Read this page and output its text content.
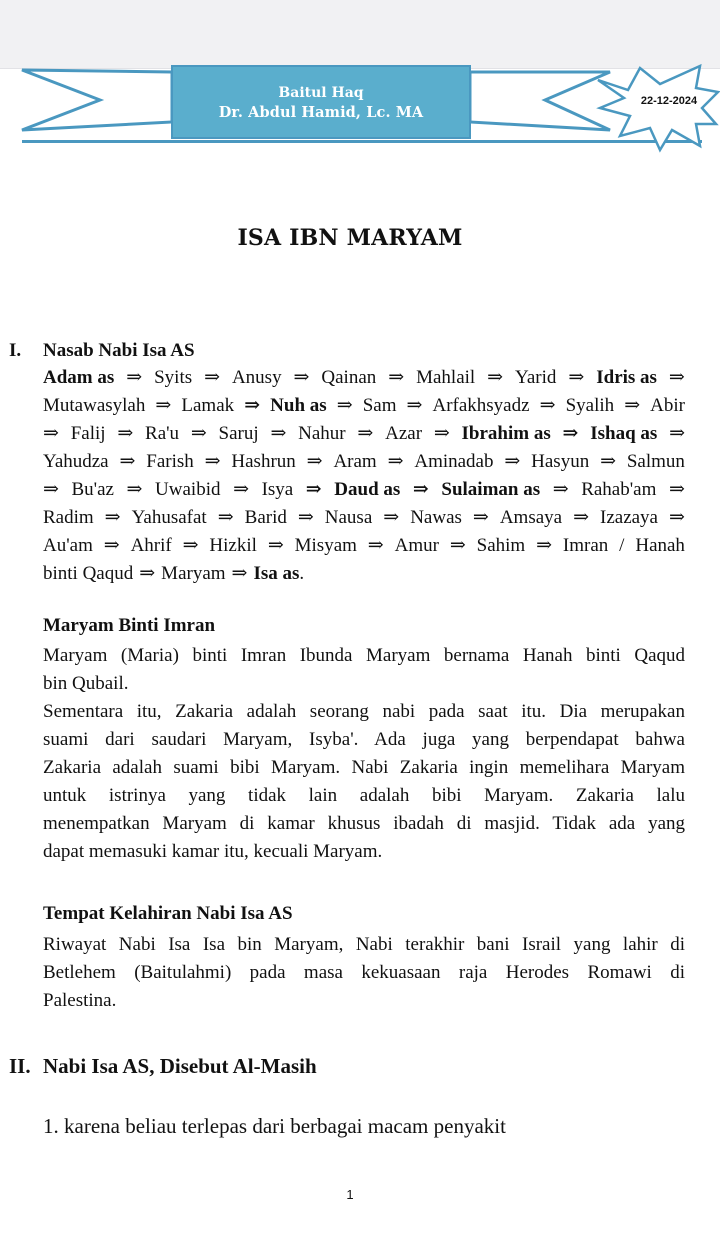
Baitul Haq
Dr. Abdul Hamid, Lc. MA
22-12-2024
ISA IBN MARYAM
I. Nasab Nabi Isa AS
Adam as ⇒ Syits ⇒ Anusy ⇒ Qainan ⇒ Mahlail ⇒ Yarid ⇒ Idris as ⇒
Mutawasylah ⇒ Lamak ⇒ Nuh as ⇒ Sam ⇒ Arfakhsyadz ⇒ Syalih ⇒ Abir
⇒ Falij ⇒ Ra'u ⇒ Saruj ⇒ Nahur ⇒ Azar ⇒ Ibrahim as ⇒ Ishaq as ⇒
Yahudza ⇒ Farish ⇒ Hashrun ⇒ Aram ⇒ Aminadab ⇒ Hasyun ⇒ Salmun
⇒ Bu'az ⇒ Uwaibid ⇒ Isya ⇒ Daud as ⇒ Sulaiman as ⇒ Rahab'am ⇒
Radim ⇒ Yahusafat ⇒ Barid ⇒ Nausa ⇒ Nawas ⇒ Amsaya ⇒ Izazaya ⇒
Au'am ⇒ Ahrif ⇒ Hizkil ⇒ Misyam ⇒ Amur ⇒ Sahim ⇒ Imran / Hanah
binti Qaqud ⇒ Maryam ⇒ Isa as .
Maryam Binti Imran
Maryam (Maria) binti Imran Ibunda Maryam bernama Hanah binti Qaqud
bin Qubail.
Sementara itu, Zakaria adalah seorang nabi pada saat itu. Dia merupakan
suami dari saudari Maryam, Isyba'. Ada juga yang berpendapat bahwa
Zakaria adalah suami bibi Maryam. Nabi Zakaria ingin memelihara Maryam
untuk istrinya yang tidak lain adalah bibi Maryam. Zakaria lalu
menempatkan Maryam di kamar khusus ibadah di masjid. Tidak ada yang
dapat memasuki kamar itu, kecuali Maryam.
Tempat Kelahiran Nabi Isa AS
Riwayat Nabi Isa Isa bin Maryam, Nabi terakhir bani Israil yang lahir di
Betlehem (Baitulahmi) pada masa kekuasaan raja Herodes Romawi di
Palestina.
II. Nabi Isa AS, Disebut Al-Masih
1. karena beliau terlepas dari berbagai macam penyakit
1
